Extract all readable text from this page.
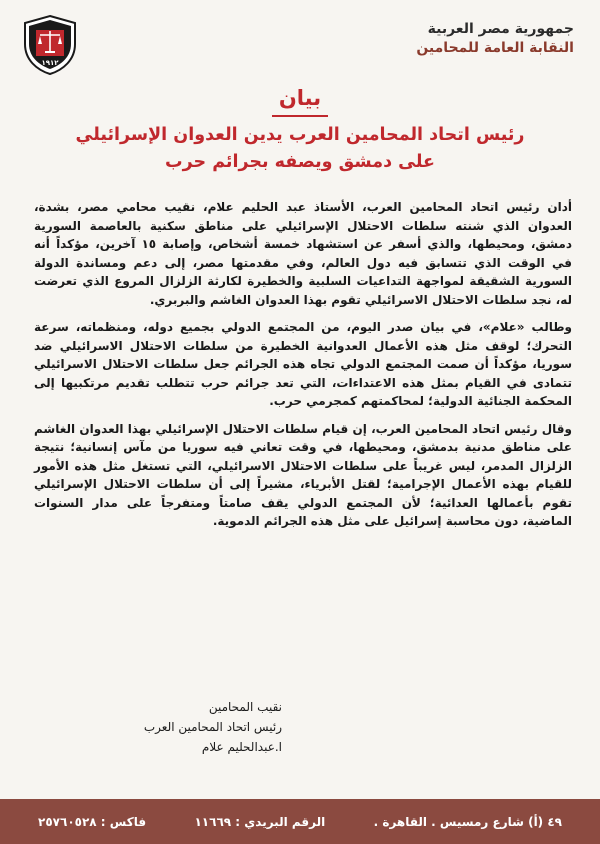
١٩١٢
جمهورية مصر العربية
النقابة العامة للمحامين
بيان
رئيس اتحاد المحامين العرب يدين العدوان الإسرائيلي
على دمشق ويصفه بجرائم حرب

أدان رئيس اتحاد المحامين العرب، الأستاذ عبد الحليم علام، نقيب محامي مصر، بشدة، العدوان الذي شنته سلطات الاحتلال الإسرائيلي على مناطق سكنية بالعاصمة السورية دمشق، ومحيطها، والذي أسفر عن استشهاد خمسة أشخاص، وإصابة ١٥ آخرين، مؤكداً أنه في الوقت الذي تتسابق فيه دول العالم، وفي مقدمتها مصر، إلى دعم ومساندة الدولة السورية الشقيقة لمواجهة التداعيات السلبية والخطيرة لكارثة الزلزال المروع الذي تعرضت له، نجد سلطات الاحتلال الاسرائيلي تقوم بهذا العدوان الغاشم والبربري.

وطالب «علام»، في بيان صدر اليوم، من المجتمع الدولي بجميع دوله، ومنظماته، سرعة التحرك؛ لوقف مثل هذه الأعمال العدوانية الخطيرة من سلطات الاحتلال الاسرائيلي ضد سوريا، مؤكداً أن صمت المجتمع الدولي تجاه هذه الجرائم جعل سلطات الاحتلال الاسرائيلي تتمادى في القيام بمثل هذه الاعتداءات، التي تعد جرائم حرب تتطلب تقديم مرتكبيها إلى المحكمة الجنائية الدولية؛ لمحاكمتهم كمجرمي حرب.

وقال رئيس اتحاد المحامين العرب، إن قيام سلطات الاحتلال الإسرائيلي بهذا العدوان الغاشم على مناطق مدنية بدمشق، ومحيطها، في وقت تعاني فيه سوريا من مآس إنسانية؛ نتيجة الزلزال المدمر، ليس غريباً على سلطات الاحتلال الاسرائيلي، التي تستغل مثل هذه الأمور للقيام بهذه الأعمال الإجرامية؛ لقتل الأبرياء، مشيراً إلى أن سلطات الاحتلال الإسرائيلي تقوم بأعمالها العدائية؛ لأن المجتمع الدولي يقف صامتاً ومتفرجاً على مدار السنوات الماضية، دون محاسبة إسرائيل على مثل هذه الجرائم الدموية.

نقيب المحامين
رئيس اتحاد المحامين العرب
ا.عبدالحليم علام
٤٩ (أ) شارع رمسيس . القاهرة .
الرقم البريدي : ١١٦٦٩
فاكس : ٢٥٧٦٠٥٢٨
